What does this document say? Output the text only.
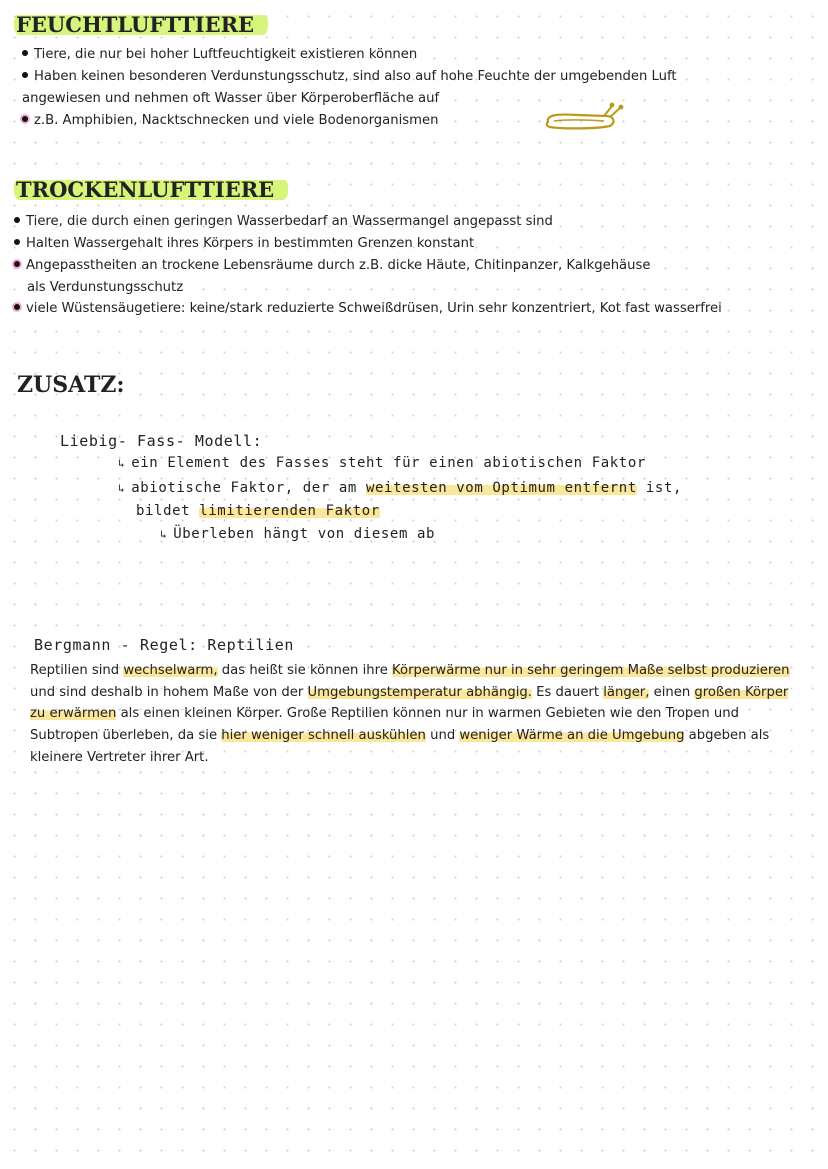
FEUCHTLUFTTIERE
Tiere, die nur bei hoher Luftfeuchtigkeit existieren können
Haben keinen besonderen Verdunstungsschutz, sind also auf hohe Feuchte der umgebenden Luft
angewiesen und nehmen oft Wasser über Körperoberfläche auf
z.B. Amphibien, Nacktschnecken und viele Bodenorganismen
TROCKENLUFTTIERE
Tiere, die durch einen geringen Wasserbedarf an Wassermangel angepasst sind
Halten Wassergehalt ihres Körpers in bestimmten Grenzen konstant
Angepasstheiten an trockene Lebensräume durch z.B. dicke Häute, Chitinpanzer, Kalkgehäuse
als Verdunstungsschutz
viele Wüstensäugetiere: keine/stark reduzierte Schweißdrüsen, Urin sehr konzentriert, Kot fast wasserfrei
ZUSATZ:
Liebig- Fass- Modell:
↳ ein Element des Fasses steht für einen abiotischen Faktor
↳ abiotische Faktor, der am weitesten vom Optimum entfernt ist,
bildet limitierenden Faktor
↳ Überleben hängt von diesem ab
Bergmann - Regel: Reptilien
Reptilien sind wechselwarm, das heißt sie können ihre Körperwärme nur in sehr geringem Maße selbst produzieren und sind deshalb in hohem Maße von der Umgebungstemperatur abhängig. Es dauert länger, einen großen Körper zu erwärmen als einen kleinen Körper. Große Reptilien können nur in warmen Gebieten wie den Tropen und Subtropen überleben, da sie hier weniger schnell auskühlen und weniger Wärme an die Umgebung abgeben als kleinere Vertreter ihrer Art.
